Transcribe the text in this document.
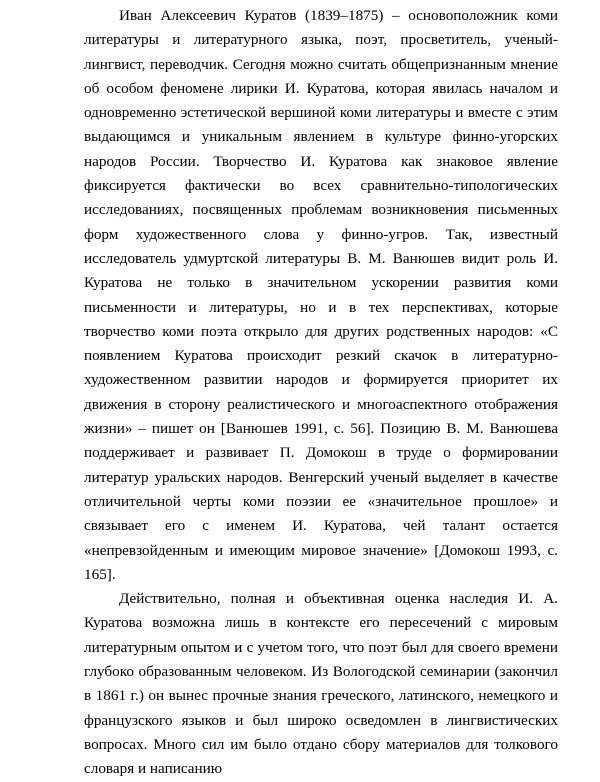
Иван Алексеевич Куратов (1839–1875) – основоположник коми литературы и литературного языка, поэт, просветитель, ученый-лингвист, переводчик. Сегодня можно считать общепризнанным мнение об особом феномене лирики И. Куратова, которая явилась началом и одновременно эстетической вершиной коми литературы и вместе с этим выдающимся и уникальным явлением в культуре финно-угорских народов России. Творчество И. Куратова как знаковое явление фиксируется фактически во всех сравнительно-типологических исследованиях, посвященных проблемам возникновения письменных форм художественного слова у финно-угров. Так, известный исследователь удмуртской литературы В. М. Ванюшев видит роль И. Куратова не только в значительном ускорении развития коми письменности и литературы, но и в тех перспективах, которые творчество коми поэта открыло для других родственных народов: «С появлением Куратова происходит резкий скачок в литературно-художественном развитии народов и формируется приоритет их движения в сторону реалистического и многоаспектного отображения жизни» – пишет он [Ванюшев 1991, с. 56]. Позицию В. М. Ванюшева поддерживает и развивает П. Домокош в труде о формировании литератур уральских народов. Венгерский ученый выделяет в качестве отличительной черты коми поэзии ее «значительное прошлое» и связывает его с именем И. Куратова, чей талант остается «непревзойденным и имеющим мировое значение» [Домокош 1993, с. 165].

Действительно, полная и объективная оценка наследия И. А. Куратова возможна лишь в контексте его пересечений с мировым литературным опытом и с учетом того, что поэт был для своего времени глубоко образованным человеком. Из Вологодской семинарии (закончил в 1861 г.) он вынес прочные знания греческого, латинского, немецкого и французского языков и был широко осведомлен в лингвистических вопросах. Много сил им было отдано сбору материалов для толкового словаря и написанию
